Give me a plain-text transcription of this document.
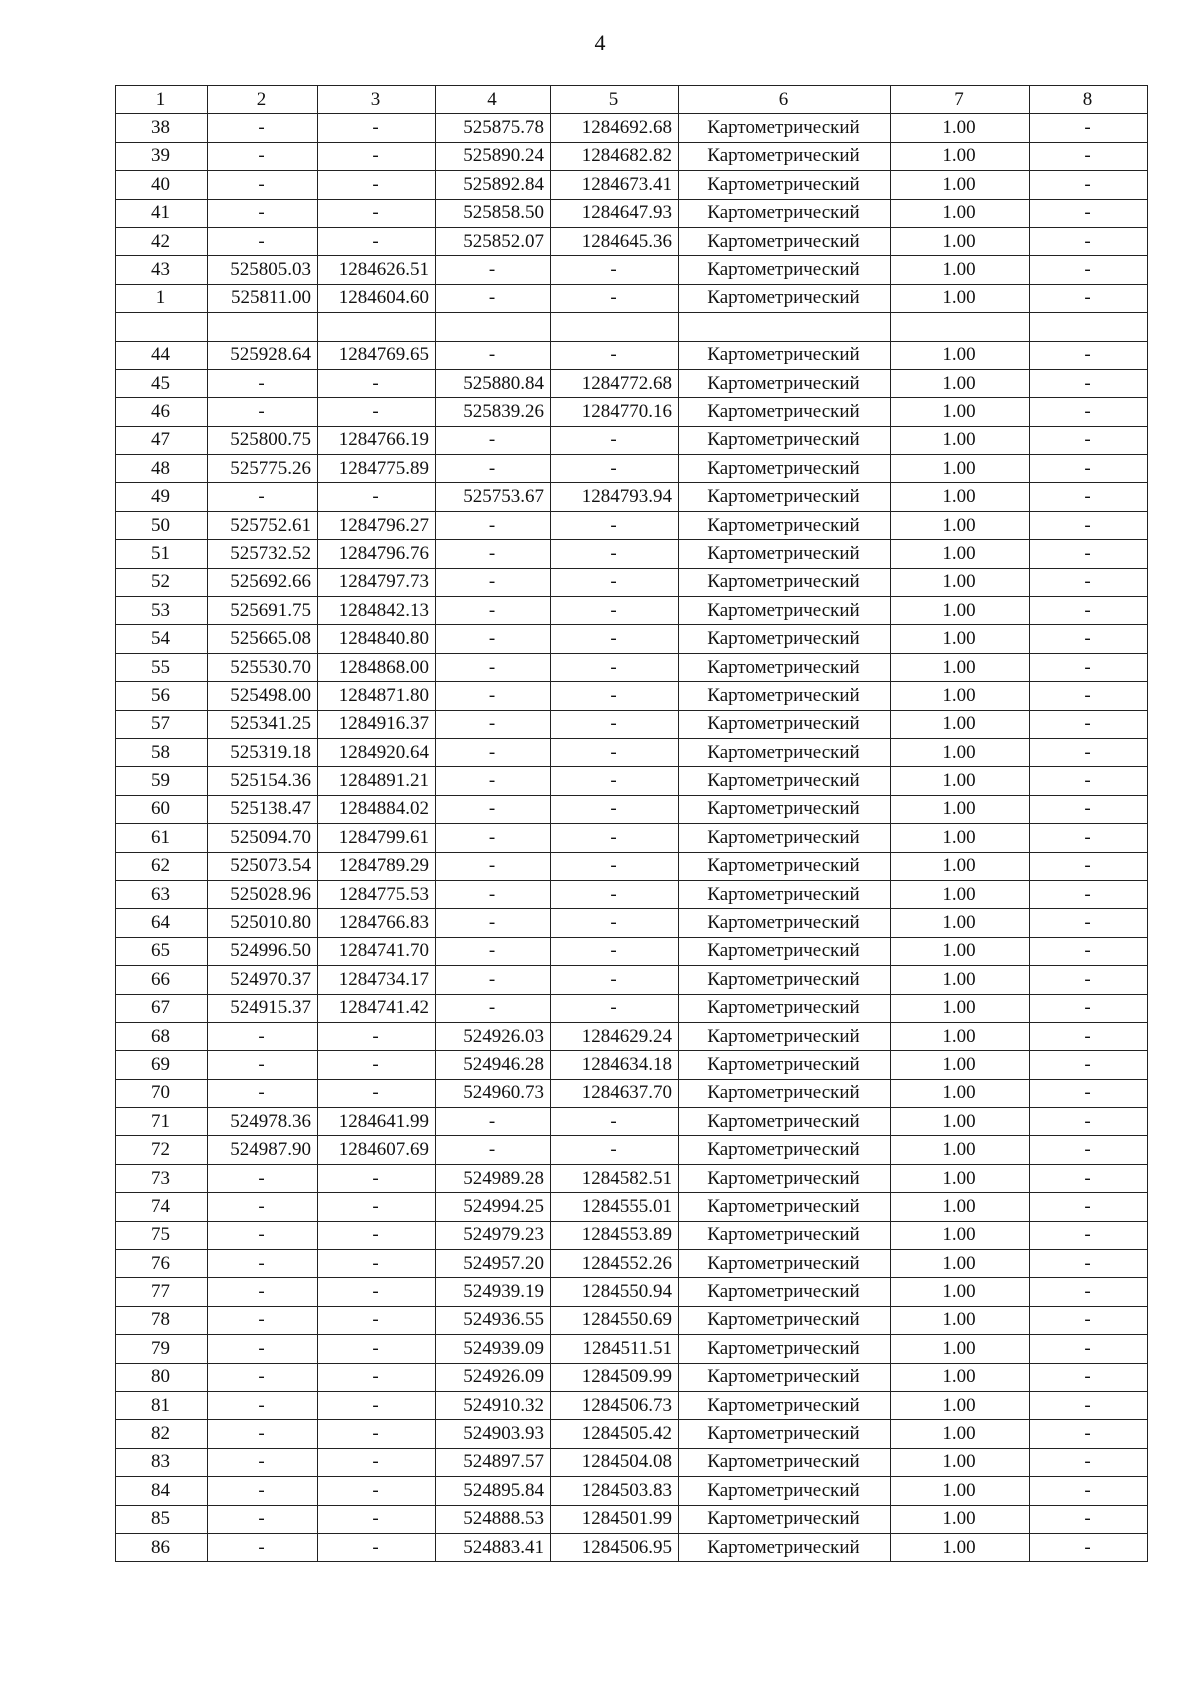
4
1	2	3	4	5	6	7	8
38	-	-	525875.78	1284692.68	Картометрический	1.00	-
39	-	-	525890.24	1284682.82	Картометрический	1.00	-
40	-	-	525892.84	1284673.41	Картометрический	1.00	-
41	-	-	525858.50	1284647.93	Картометрический	1.00	-
42	-	-	525852.07	1284645.36	Картометрический	1.00	-
43	525805.03	1284626.51	-	-	Картометрический	1.00	-
1	525811.00	1284604.60	-	-	Картометрический	1.00	-

44	525928.64	1284769.65	-	-	Картометрический	1.00	-
45	-	-	525880.84	1284772.68	Картометрический	1.00	-
46	-	-	525839.26	1284770.16	Картометрический	1.00	-
47	525800.75	1284766.19	-	-	Картометрический	1.00	-
48	525775.26	1284775.89	-	-	Картометрический	1.00	-
49	-	-	525753.67	1284793.94	Картометрический	1.00	-
50	525752.61	1284796.27	-	-	Картометрический	1.00	-
51	525732.52	1284796.76	-	-	Картометрический	1.00	-
52	525692.66	1284797.73	-	-	Картометрический	1.00	-
53	525691.75	1284842.13	-	-	Картометрический	1.00	-
54	525665.08	1284840.80	-	-	Картометрический	1.00	-
55	525530.70	1284868.00	-	-	Картометрический	1.00	-
56	525498.00	1284871.80	-	-	Картометрический	1.00	-
57	525341.25	1284916.37	-	-	Картометрический	1.00	-
58	525319.18	1284920.64	-	-	Картометрический	1.00	-
59	525154.36	1284891.21	-	-	Картометрический	1.00	-
60	525138.47	1284884.02	-	-	Картометрический	1.00	-
61	525094.70	1284799.61	-	-	Картометрический	1.00	-
62	525073.54	1284789.29	-	-	Картометрический	1.00	-
63	525028.96	1284775.53	-	-	Картометрический	1.00	-
64	525010.80	1284766.83	-	-	Картометрический	1.00	-
65	524996.50	1284741.70	-	-	Картометрический	1.00	-
66	524970.37	1284734.17	-	-	Картометрический	1.00	-
67	524915.37	1284741.42	-	-	Картометрический	1.00	-
68	-	-	524926.03	1284629.24	Картометрический	1.00	-
69	-	-	524946.28	1284634.18	Картометрический	1.00	-
70	-	-	524960.73	1284637.70	Картометрический	1.00	-
71	524978.36	1284641.99	-	-	Картометрический	1.00	-
72	524987.90	1284607.69	-	-	Картометрический	1.00	-
73	-	-	524989.28	1284582.51	Картометрический	1.00	-
74	-	-	524994.25	1284555.01	Картометрический	1.00	-
75	-	-	524979.23	1284553.89	Картометрический	1.00	-
76	-	-	524957.20	1284552.26	Картометрический	1.00	-
77	-	-	524939.19	1284550.94	Картометрический	1.00	-
78	-	-	524936.55	1284550.69	Картометрический	1.00	-
79	-	-	524939.09	1284511.51	Картометрический	1.00	-
80	-	-	524926.09	1284509.99	Картометрический	1.00	-
81	-	-	524910.32	1284506.73	Картометрический	1.00	-
82	-	-	524903.93	1284505.42	Картометрический	1.00	-
83	-	-	524897.57	1284504.08	Картометрический	1.00	-
84	-	-	524895.84	1284503.83	Картометрический	1.00	-
85	-	-	524888.53	1284501.99	Картометрический	1.00	-
86	-	-	524883.41	1284506.95	Картометрический	1.00	-
